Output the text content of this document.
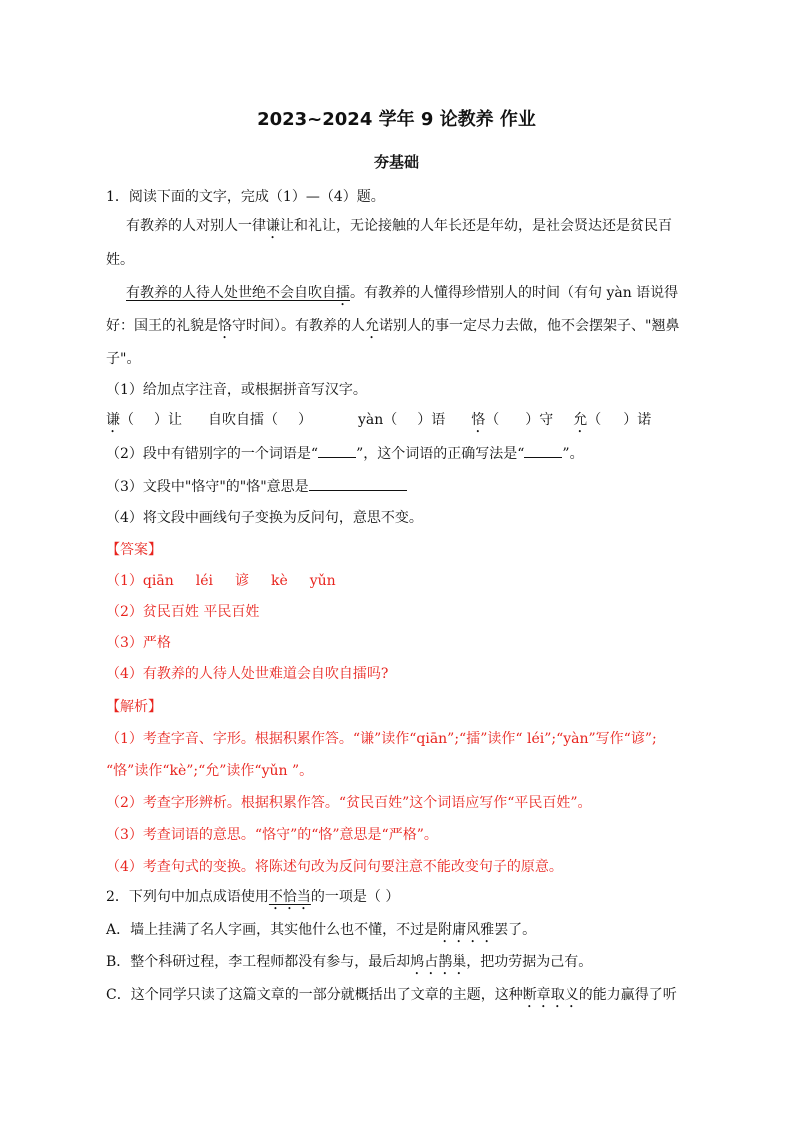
2023~2024 学年 9 论教养 作业
夯基础
1．阅读下面的文字，完成（1）—（4）题。
有教养的人对别人一律谦让和礼让，无论接触的人年长还是年幼，是社会贤达还是贫民百
姓。
有教养的人待人处世绝不会自吹自擂。有教养的人懂得珍惜别人的时间（有句 yàn 语说得
好：国王的礼貌是恪守时间）。有教养的人允诺别人的事一定尽力去做，他不会摆架子、"翘鼻
子"。
（1）给加点字注音，或根据拼音写汉字。
谦（ ）让 自吹自擂（ ）	yàn（ ）语 恪（ ）守 允（ ）诺
（2）段中有错别字的一个词语是“	”，这个词语的正确写法是“	”。
（3）文段中"恪守"的"恪"意思是
（4）将文段中画线句子变换为反问句，意思不变。
【答案】
（1）qiān léi 谚 kè yǔn
（2）贫民百姓 平民百姓
（3）严格
（4）有教养的人待人处世难道会自吹自擂吗?
【解析】
（1）考查字音、字形。根据积累作答。“谦”读作“qiān”;“擂”读作“ léi”;“yàn”写作“谚”;
“恪”读作“kè”;“允”读作“yǔn ”。
（2）考查字形辨析。根据积累作答。“贫民百姓”这个词语应写作“平民百姓”。
（3）考查词语的意思。“恪守”的“恪”意思是“严格”。
（4）考查句式的变换。将陈述句改为反问句要注意不能改变句子的原意。
2．下列句中加点成语使用不恰当的一项是（ ）
A．墙上挂满了名人字画，其实他什么也不懂，不过是附庸风雅罢了。
B．整个科研过程，李工程师都没有参与，最后却鸠占鹊巢，把功劳据为己有。
C．这个同学只读了这篇文章的一部分就概括出了文章的主题，这种断章取义的能力赢得了听
